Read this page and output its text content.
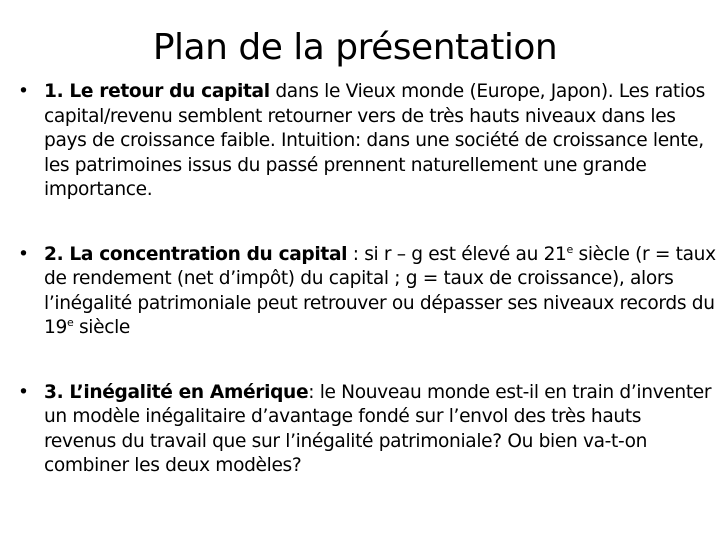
Plan de la présentation
• 1. Le retour du capital dans le Vieux monde (Europe, Japon). Les ratios capital/revenu semblent retourner vers de très hauts niveaux dans les pays de croissance faible. Intuition: dans une société de croissance lente, les patrimoines issus du passé prennent naturellement une grande importance.
• 2. La concentration du capital : si r – g est élevé au 21e siècle (r = taux de rendement (net d’impôt) du capital ; g = taux de croissance), alors l’inégalité patrimoniale peut retrouver ou dépasser ses niveaux records du 19e siècle
• 3. L’inégalité en Amérique: le Nouveau monde est-il en train d’inventer un modèle inégalitaire d’avantage fondé sur l’envol des très hauts revenus du travail que sur l’inégalité patrimoniale? Ou bien va-t-on combiner les deux modèles?
